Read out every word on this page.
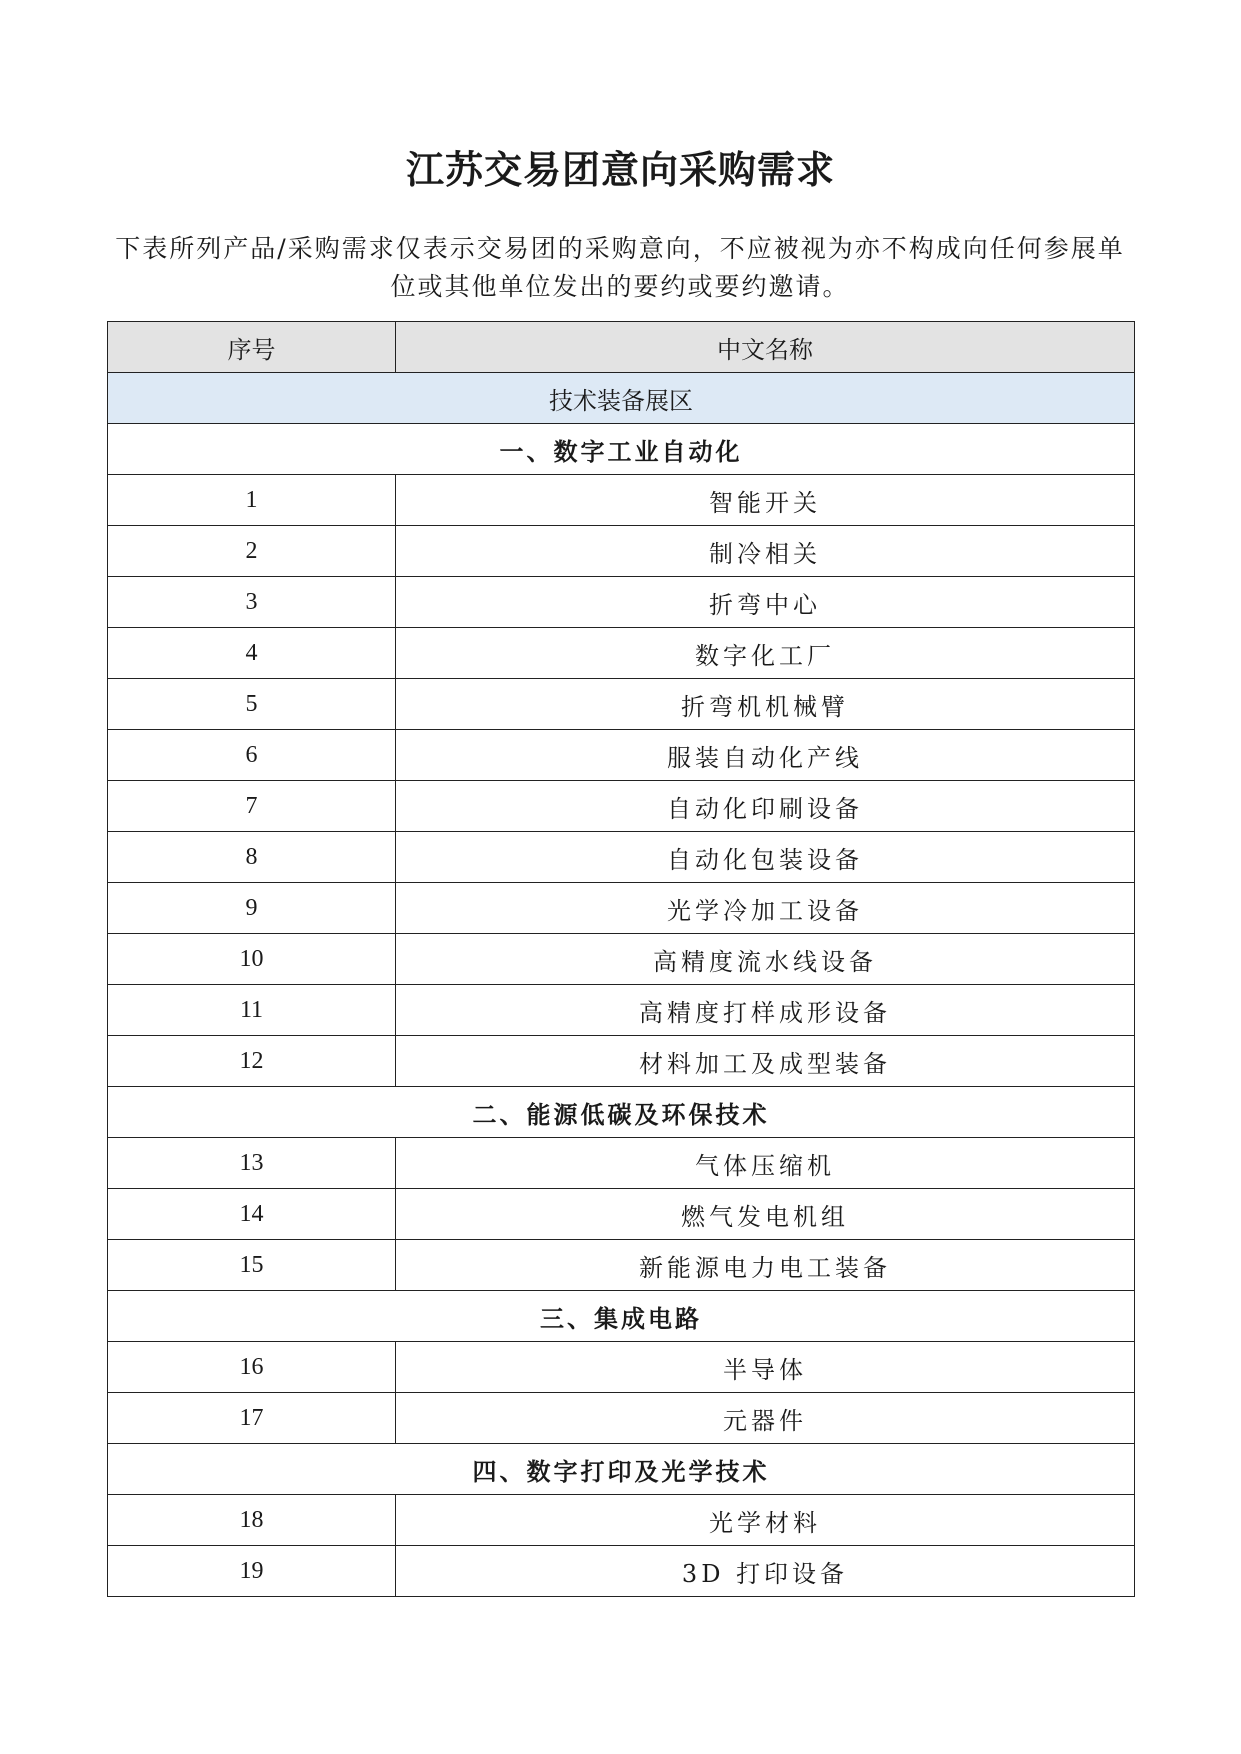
江苏交易团意向采购需求
下表所列产品/采购需求仅表示交易团的采购意向，不应被视为亦不构成向任何参展单位或其他单位发出的要约或要约邀请。
序号	中文名称
技术装备展区	
一、数字工业自动化	
1	智能开关
2	制冷相关
3	折弯中心
4	数字化工厂
5	折弯机机械臂
6	服装自动化产线
7	自动化印刷设备
8	自动化包装设备
9	光学冷加工设备
10	高精度流水线设备
11	高精度打样成形设备
12	材料加工及成型装备
二、能源低碳及环保技术	
13	气体压缩机
14	燃气发电机组
15	新能源电力电工装备
三、集成电路	
16	半导体
17	元器件
四、数字打印及光学技术	
18	光学材料
19	3D 打印设备
